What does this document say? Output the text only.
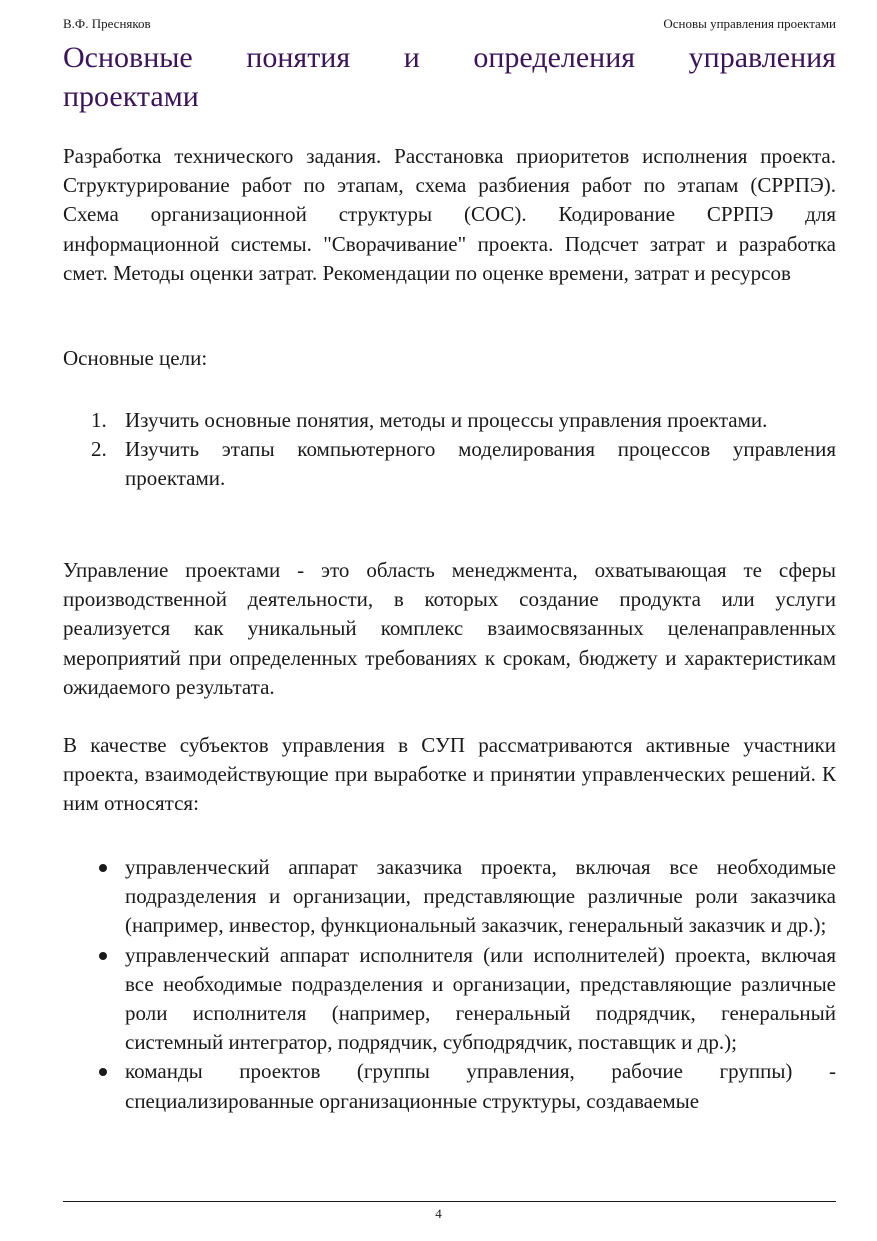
В.Ф. Пресняков	Основы управления проектами
Основные понятия и определения управления
проектами

Разработка технического задания. Расстановка приоритетов исполнения проекта. Структурирование работ по этапам, схема разбиения работ по этапам (СРРПЭ). Схема организационной структуры (СОС). Кодирование СРРПЭ для информационной системы. "Сворачивание" проекта. Подсчет затрат и разработка смет. Методы оценки затрат. Рекомендации по оценке времени, затрат и ресурсов

Основные цели:

1. Изучить основные понятия, методы и процессы управления проектами.
2. Изучить этапы компьютерного моделирования процессов управления проектами.

Управление проектами - это область менеджмента, охватывающая те сферы производственной деятельности, в которых создание продукта или услуги реализуется как уникальный комплекс взаимосвязанных целенаправленных мероприятий при определенных требованиях к срокам, бюджету и характеристикам ожидаемого результата.

В качестве субъектов управления в СУП рассматриваются активные участники проекта, взаимодействующие при выработке и принятии управленческих решений. К ним относятся:

управленческий аппарат заказчика проекта, включая все необходимые подразделения и организации, представляющие различные роли заказчика (например, инвестор, функциональный заказчик, генеральный заказчик и др.);
управленческий аппарат исполнителя (или исполнителей) проекта, включая все необходимые подразделения и организации, представляющие различные роли исполнителя (например, генеральный подрядчик, генеральный системный интегратор, подрядчик, субподрядчик, поставщик и др.);
команды проектов (группы управления, рабочие группы) - специализированные организационные структуры, создаваемые
4
